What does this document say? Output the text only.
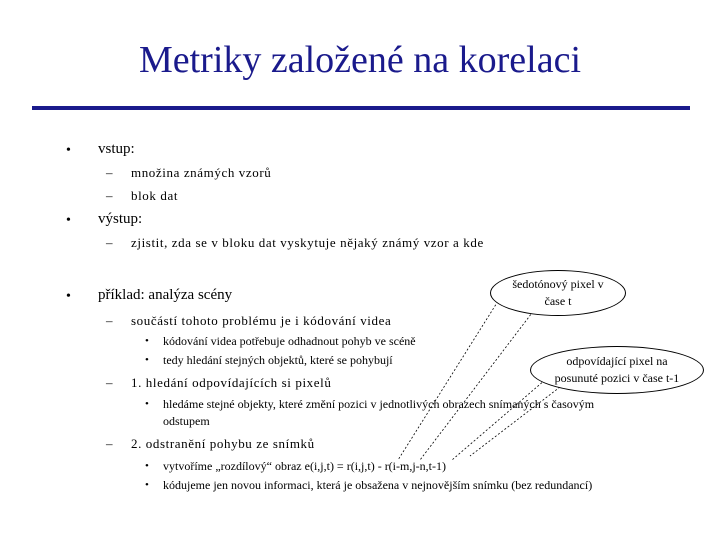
Metriky založené na korelaci
• vstup:
– množina známých vzorů
– blok dat
• výstup:
– zjistit, zda se v bloku dat vyskytuje nějaký známý vzor a kde
• příklad: analýza scény
– součástí tohoto problému je i kódování videa
• kódování videa potřebuje odhadnout pohyb ve scéně
• tedy hledání stejných objektů, které se pohybují
– 1. hledání odpovídajících si pixelů
• hledáme stejné objekty, které změní pozici v jednotlivých obrazech snímaných s časovým
odstupem
– 2. odstranění pohybu ze snímků
• vytvoříme „rozdílový“ obraz e(i,j,t) = r(i,j,t) - r(i-m,j-n,t-1)
• kódujeme jen novou informaci, která je obsažena v nejnovějším snímku (bez redundancí)
šedotónový pixel v
čase t
odpovídající pixel na
posunuté pozici v čase t-1
